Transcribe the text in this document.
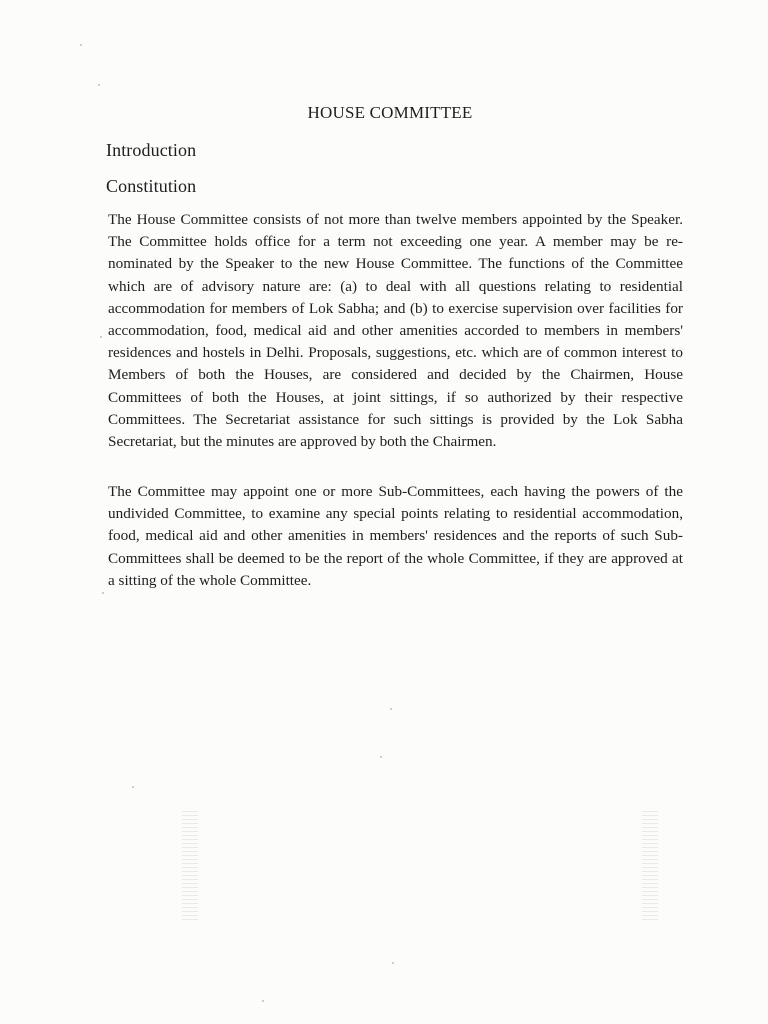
HOUSE COMMITTEE
Introduction
Constitution

The House Committee consists of not more than twelve members appointed by the Speaker. The Committee holds office for a term not exceeding one year. A member may be re-nominated by the Speaker to the new House Committee. The functions of the Committee which are of advisory nature are: (a) to deal with all questions relating to residential accommodation for members of Lok Sabha; and (b) to exercise supervision over facilities for accommodation, food, medical aid and other amenities accorded to members in members' residences and hostels in Delhi. Proposals, suggestions, etc. which are of common interest to Members of both the Houses, are considered and decided by the Chairmen, House Committees of both the Houses, at joint sittings, if so authorized by their respective Committees. The Secretariat assistance for such sittings is provided by the Lok Sabha Secretariat, but the minutes are approved by both the Chairmen.

The Committee may appoint one or more Sub-Committees, each having the powers of the undivided Committee, to examine any special points relating to residential accommodation, food, medical aid and other amenities in members' residences and the reports of such Sub-Committees shall be deemed to be the report of the whole Committee, if they are approved at a sitting of the whole Committee.
